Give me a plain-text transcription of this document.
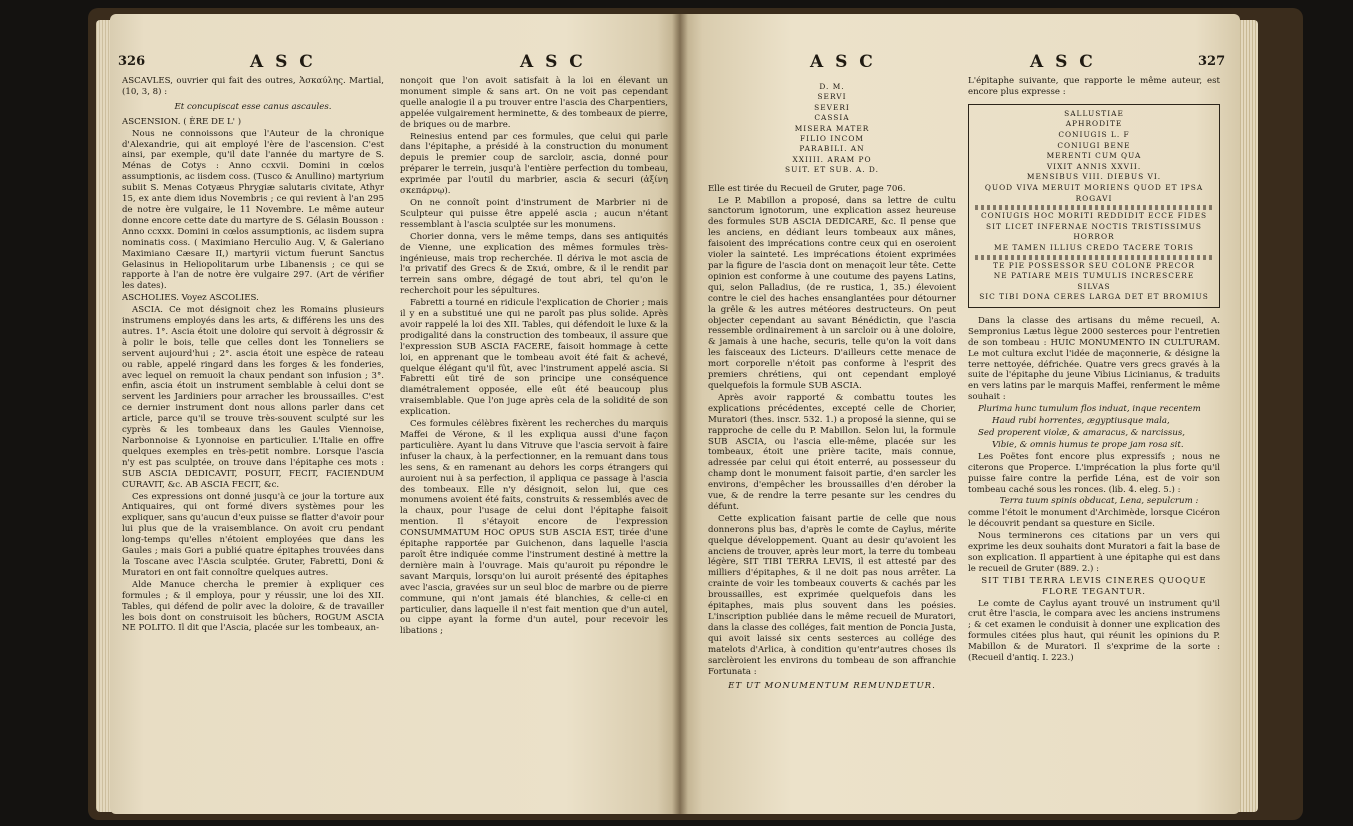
326	A S C	A S C

ASCAVLES, ouvrier qui fait des outres, Ἀσκαύλης. Martial, (10, 3, 8) :

Et concupiscat esse canus ascaules.

ASCENSION. ( ÈRE DE L' )

Nous ne connoissons que l'Auteur de la chronique d'Alexandrie, qui ait employé l'ère de l'ascension. C'est ainsi, par exemple, qu'il date l'année du martyre de S. Ménas de Cotys : Anno ccxvii. Domini in cœlos assumptionis, ac iisdem coss. (Tusco & Anullino) martyrium subiit S. Menas Cotyæus Phrygiæ salutaris civitate, Athyr 15, ex ante diem idus Novembris ; ce qui revient à l'an 295 de notre ère vulgaire, le 11 Novembre. Le même auteur donne encore cette date du martyre de S. Gélasin Bousson : Anno ccxxx. Domini in cœlos assumptionis, ac iisdem supra nominatis coss. ( Maximiano Herculio Aug. V, & Galeriano Maximiano Cæsare II,) martyrii victum fuerunt Sanctus Gelasinus in Heliopolitarum urbe Libanensis ; ce qui se rapporte à l'an de notre ère vulgaire 297. (Art de vérifier les dates).

ASCHOLIES. Voyez ASCOLIES.

ASCIA. Ce mot désignoit chez les Romains plusieurs instrumens employés dans les arts, & différens les uns des autres. 1°. Ascia étoit une doloire qui servoit à dégrossir & à polir le bois, telle que celles dont les Tonneliers se servent aujourd'hui ; 2°. ascia étoit une espèce de rateau ou rable, appelé ringard dans les forges & les fonderies, avec lequel on remuoit la chaux pendant son infusion ; 3°. enfin, ascia étoit un instrument semblable à celui dont se servent les Jardiniers pour arracher les broussailles. C'est ce dernier instrument dont nous allons parler dans cet article, parce qu'il se trouve très-souvent sculpté sur les cyprès & les tombeaux dans les Gaules Viennoise, Narbonnoise & Lyonnoise en particulier. L'Italie en offre quelques exemples en très-petit nombre. Lorsque l'ascia n'y est pas sculptée, on trouve dans l'épitaphe ces mots : SUB ASCIA DEDICAVIT, POSUIT, FECIT, FACIENDUM CURAVIT, &c. AB ASCIA FECIT, &c.

Ces expressions ont donné jusqu'à ce jour la torture aux Antiquaires, qui ont formé divers systèmes pour les expliquer, sans qu'aucun d'eux puisse se flatter d'avoir pour lui plus que de la vraisemblance. On avoit cru pendant long-temps qu'elles n'étoient employées que dans les Gaules ; mais Gori a publié quatre épitaphes trouvées dans la Toscane avec l'Ascia sculptée. Gruter, Fabretti, Doni & Muratori en ont fait connoître quelques autres.

Alde Manuce chercha le premier à expliquer ces formules ; & il employa, pour y réussir, une loi des XII. Tables, qui défend de polir avec la doloire, & de travailler les bois dont on construisoit les bûchers, ROGUM ASCIA NE POLITO. Il dit que l'Ascia, placée sur les tombeaux, an-

nonçoit que l'on avoit satisfait à la loi en élevant un monument simple & sans art. On ne voit pas cependant quelle analogie il a pu trouver entre l'ascia des Charpentiers, appelée vulgairement herminette, & des tombeaux de pierre, de briques ou de marbre.

Reinesius entend par ces formules, que celui qui parle dans l'épitaphe, a présidé à la construction du monument depuis le premier coup de sarcloir, ascia, donné pour préparer le terrein, jusqu'à l'entière perfection du tombeau, exprimée par l'outil du marbrier, ascia & securi (ἀξίνη σκεπάρνῳ).

On ne connoît point d'instrument de Marbrier ni de Sculpteur qui puisse être appelé ascia ; aucun n'étant ressemblant à l'ascia sculptée sur les monumens.

Chorier donna, vers le même temps, dans ses antiquités de Vienne, une explication des mêmes formules très-ingénieuse, mais trop recherchée. Il dériva le mot ascia de l'α privatif des Grecs & de Σκιά, ombre, & il le rendit par terrein sans ombre, dégagé de tout abri, tel qu'on le recherchoit pour les sépultures.

Fabretti a tourné en ridicule l'explication de Chorier ; mais il y en a substitué une qui ne paroît pas plus solide. Après avoir rappelé la loi des XII. Tables, qui défendoit le luxe & la prodigalité dans la construction des tombeaux, il assure que l'expression SUB ASCIA FACERE, faisoit hommage à cette loi, en apprenant que le tombeau avoit été fait & achevé, quelque élégant qu'il fût, avec l'instrument appelé ascia. Si Fabretti eût tiré de son principe une conséquence diamétralement opposée, elle eût été beaucoup plus vraisemblable. Que l'on juge après cela de la solidité de son explication.

Ces formules célèbres fixèrent les recherches du marquis Maffei de Vérone, & il les expliqua aussi d'une façon particulière. Ayant lu dans Vitruve que l'ascia servoit à faire infuser la chaux, à la perfectionner, en la remuant dans tous les sens, & en ramenant au dehors les corps étrangers qui auroient nui à sa perfection, il appliqua ce passage à l'ascia des tombeaux. Elle n'y désignoit, selon lui, que ces monumens avoient été faits, construits & ressemblés avec de la chaux, pour l'usage de celui dont l'épitaphe faisoit mention. Il s'étayoit encore de l'expression CONSUMMATUM HOC OPUS SUB ASCIA EST, tirée d'une épitaphe rapportée par Guichenon, dans laquelle l'ascia paroît être indiquée comme l'instrument destiné à mettre la dernière main à l'ouvrage. Mais qu'auroit pu répondre le savant Marquis, lorsqu'on lui auroit présenté des épitaphes avec l'ascia, gravées sur un seul bloc de marbre ou de pierre commune, qui n'ont jamais été blanchies, & celle-ci en particulier, dans laquelle il n'est fait mention que d'un autel, ou cippe ayant la forme d'un autel, pour recevoir les libations ;

A S C	A S C	327
D. M.
SERVI
SEVERI
CASSIA
MISERA MATER
FILIO INCOM
PARABILI. AN
XXIIII. ARAM PO
SUIT. ET SUB. A. D.

Elle est tirée du Recueil de Gruter, page 706.

Le P. Mabillon a proposé, dans sa lettre de cultu sanctorum ignotorum, une explication assez heureuse des formules SUB ASCIA DEDICARE, &c. Il pense que les anciens, en dédiant leurs tombeaux aux mânes, faisoient des imprécations contre ceux qui en oseroient violer la sainteté. Les imprécations étoient exprimées par la figure de l'ascia dont on menaçoit leur tête. Cette opinion est conforme à une coutume des payens Latins, qui, selon Palladius, (de re rustica, 1, 35.) élevoient contre le ciel des haches ensanglantées pour détourner la grêle & les autres météores destructeurs. On peut objecter cependant au savant Bénédictin, que l'ascia ressemble ordinairement à un sarcloir ou à une doloire, & jamais à une hache, securis, telle qu'on la voit dans les faisceaux des Licteurs. D'ailleurs cette menace de mort corporelle n'étoit pas conforme à l'esprit des premiers chrétiens, qui ont cependant employé quelquefois la formule SUB ASCIA.

Après avoir rapporté & combattu toutes les explications précédentes, excepté celle de Chorier, Muratori (thes. inscr. 532. 1.) a proposé la sienne, qui se rapproche de celle du P. Mabillon. Selon lui, la formule SUB ASCIA, ou l'ascia elle-même, placée sur les tombeaux, étoit une prière tacite, mais connue, adressée par celui qui étoit enterré, au possesseur du champ dont le monument faisoit partie, d'en sarcler les environs, d'empêcher les broussailles d'en dérober la vue, & de rendre la terre pesante sur les cendres du défunt.

Cette explication faisant partie de celle que nous donnerons plus bas, d'après le comte de Caylus, mérite quelque développement. Quant au desir qu'avoient les anciens de trouver, après leur mort, la terre du tombeau légère, SIT TIBI TERRA LEVIS, il est attesté par des milliers d'épitaphes, & il ne doit pas nous arrêter. La crainte de voir les tombeaux couverts & cachés par les broussailles, est exprimée quelquefois dans les épitaphes, mais plus souvent dans les poésies. L'inscription publiée dans le même recueil de Muratori, dans la classe des colléges, fait mention de Poncia Justa, qui avoit laissé six cents sesterces au collége des matelots d'Arlica, à condition qu'entr'autres choses ils sarclèroient les environs du tombeau de son affranchie Fortunata :

ET UT MONUMENTUM REMUNDETUR.

L'épitaphe suivante, que rapporte le même auteur, est encore plus expresse :

SALLUSTIAE
APHRODITE
CONIUGIS L. F
CONIUGI BENE
MERENTI CUM QUA
VIXIT ANNIS XXVII.
MENSIBUS VIII. DIEBUS VI.
QUOD VIVA MERUIT MORIENS QUOD ET IPSA
ROGAVI
CONIUGIS HOC MORITI REDDIDIT ECCE FIDES
SIT LICET INFERNAE NOCTIS TRISTISSIMUS
HORROR
ME TAMEN ILLIUS CREDO TACERE TORIS
TE PIE POSSESSOR SEU COLONE PRECOR
NE PATIARE MEIS TUMULIS INCRESCERE
SILVAS
SIC TIBI DONA CERES LARGA DET ET BROMIUS

Dans la classe des artisans du même recueil, A. Sempronius Lætus lègue 2000 sesterces pour l'entretien de son tombeau : HUIC MONUMENTO IN CULTURAM. Le mot cultura exclut l'idée de maçonnerie, & désigne la terre nettoyée, défrichée. Quatre vers grecs gravés à la suite de l'épitaphe du jeune Vibius Licinianus, & traduits en vers latins par le marquis Maffei, renferment le même souhait :

Plurima hunc tumulum flos induat, inque recentem

Haud rubi horrentes, ægyptiusque mala,

Sed properent violæ, & amaracus, & narcissus,

Vibie, & omnis humus te prope jam rosa sit.

Les Poëtes font encore plus expressifs ; nous ne citerons que Properce. L'imprécation la plus forte qu'il puisse faire contre la perfide Léna, est de voir son tombeau caché sous les ronces. (lib. 4. eleg. 5.) :

Terra tuum spinis obducat, Lena, sepulcrum :

comme l'étoit le monument d'Archimède, lorsque Cicéron le découvrit pendant sa questure en Sicile.

Nous terminerons ces citations par un vers qui exprime les deux souhaits dont Muratori a fait la base de son explication. Il appartient à une épitaphe qui est dans le recueil de Gruter (889. 2.) :

SIT TIBI TERRA LEVIS CINERES QUOQUE FLORE TEGANTUR.

Le comte de Caylus ayant trouvé un instrument qu'il crut être l'ascia, le compara avec les anciens instrumens ; & cet examen le conduisit à donner une explication des formules citées plus haut, qui réunit les opinions du P. Mabillon & de Muratori. Il s'exprime de la sorte : (Recueil d'antiq. I. 223.)
